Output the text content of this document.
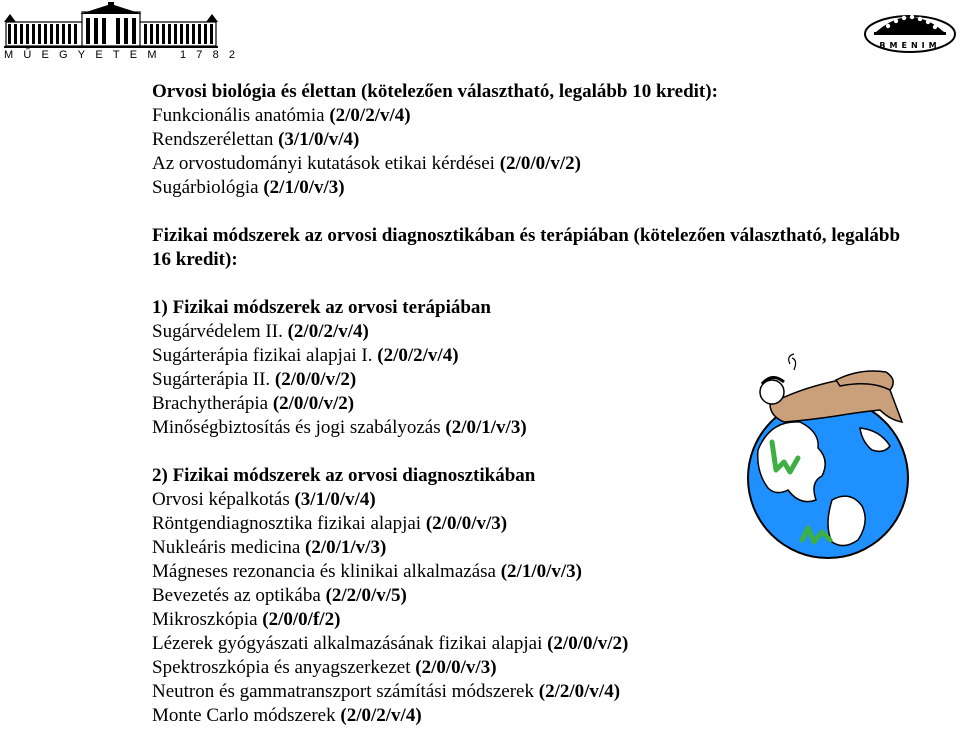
MŰEGYETEM 1782
BMENIM
Orvosi biológia és élettan (kötelezően választható, legalább 10 kredit):
Funkcionális anatómia (2/0/2/v/4)
Rendszerélettan (3/1/0/v/4)
Az orvostudományi kutatások etikai kérdései (2/0/0/v/2)
Sugárbiológia (2/1/0/v/3)
Fizikai módszerek az orvosi diagnosztikában és terápiában (kötelezően választható, legalább 16 kredit):
1) Fizikai módszerek az orvosi terápiában
Sugárvédelem II. (2/0/2/v/4)
Sugárterápia fizikai alapjai I. (2/0/2/v/4)
Sugárterápia II. (2/0/0/v/2)
Brachytherápia (2/0/0/v/2)
Minőségbiztosítás és jogi szabályozás (2/0/1/v/3)
2) Fizikai módszerek az orvosi diagnosztikában
Orvosi képalkotás (3/1/0/v/4)
Röntgendiagnosztika fizikai alapjai (2/0/0/v/3)
Nukleáris medicina (2/0/1/v/3)
Mágneses rezonancia és klinikai alkalmazása (2/1/0/v/3)
Bevezetés az optikába (2/2/0/v/5)
Mikroszkópia (2/0/0/f/2)
Lézerek gyógyászati alkalmazásának fizikai alapjai (2/0/0/v/2)
Spektroszkópia és anyagszerkezet (2/0/0/v/3)
Neutron és gammatranszport számítási módszerek (2/2/0/v/4)
Monte Carlo módszerek (2/0/2/v/4)
